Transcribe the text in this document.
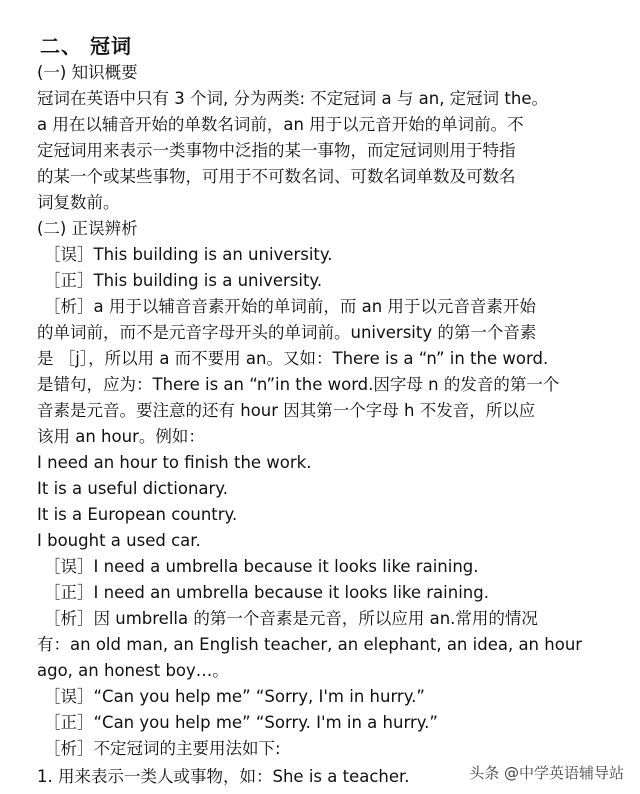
二、 冠词
(一) 知识概要
冠词在英语中只有 3 个词, 分为两类: 不定冠词 a 与 an, 定冠词 the。
a 用在以辅音开始的单数名词前，an 用于以元音开始的单词前。不
定冠词用来表示一类事物中泛指的某一事物，而定冠词则用于特指
的某一个或某些事物，可用于不可数名词、可数名词单数及可数名
词复数前。
(二) 正误辨析
［误］This building is an university.
［正］This building is a university.
［析］a 用于以辅音音素开始的单词前，而 an 用于以元音音素开始
的单词前，而不是元音字母开头的单词前。university 的第一个音素
是 ［j］，所以用 a 而不要用 an。又如：There is a “n” in the word.
是错句，应为：There is an “n”in the word.因字母 n 的发音的第一个
音素是元音。要注意的还有 hour 因其第一个字母 h 不发音，所以应
该用 an hour。例如：
I need an hour to finish the work.
It is a useful dictionary.
It is a European country.
I bought a used car.
［误］I need a umbrella because it looks like raining.
［正］I need an umbrella because it looks like raining.
［析］因 umbrella 的第一个音素是元音，所以应用 an.常用的情况
有：an old man, an English teacher, an elephant, an idea, an hour
ago, an honest boy…。
［误］“Can you help me” “Sorry, I'm in hurry.”
［正］“Can you help me” “Sorry. I'm in a hurry.”
［析］不定冠词的主要用法如下:
1. 用来表示一类人或事物，如：She is a teacher.	头条 @中学英语辅导站
